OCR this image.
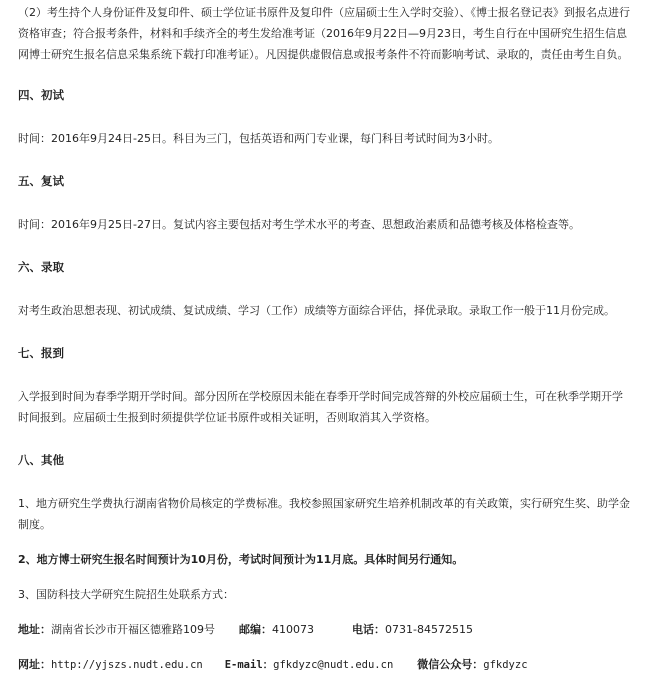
（2）考生持个人身份证件及复印件、硕士学位证书原件及复印件（应届硕士生入学时交验）、《博士报名登记表》到报名点进行资格审查；符合报考条件，材料和手续齐全的考生发给准考证（2016年9月22日—9月23日，考生自行在中国研究生招生信息网博士研究生报名信息采集系统下载打印准考证）。凡因提供虚假信息或报考条件不符而影响考试、录取的，责任由考生自负。

四、初试

时间：2016年9月24日-25日。科目为三门，包括英语和两门专业课，每门科目考试时间为3小时。

五、复试

时间：2016年9月25日-27日。复试内容主要包括对考生学术水平的考查、思想政治素质和品德考核及体格检查等。

六、录取

对考生政治思想表现、初试成绩、复试成绩、学习（工作）成绩等方面综合评估，择优录取。录取工作一般于11月份完成。

七、报到

入学报到时间为春季学期开学时间。部分因所在学校原因未能在春季开学时间完成答辩的外校应届硕士生，可在秋季学期开学时间报到。应届硕士生报到时须提供学位证书原件或相关证明，否则取消其入学资格。

八、其他

1、地方研究生学费执行湖南省物价局核定的学费标准。我校参照国家研究生培养机制改革的有关政策，实行研究生奖、助学金制度。

2、地方博士研究生报名时间预计为10月份，考试时间预计为11月底。具体时间另行通知。

3、国防科技大学研究生院招生处联系方式：

地址：湖南省长沙市开福区德雅路109号 邮编：410073	电话：0731-84572515

网址：http://yjszs.nudt.edu.cn E-mail：gfkdyzc@nudt.edu.cn 微信公众号：gfkdyzc
